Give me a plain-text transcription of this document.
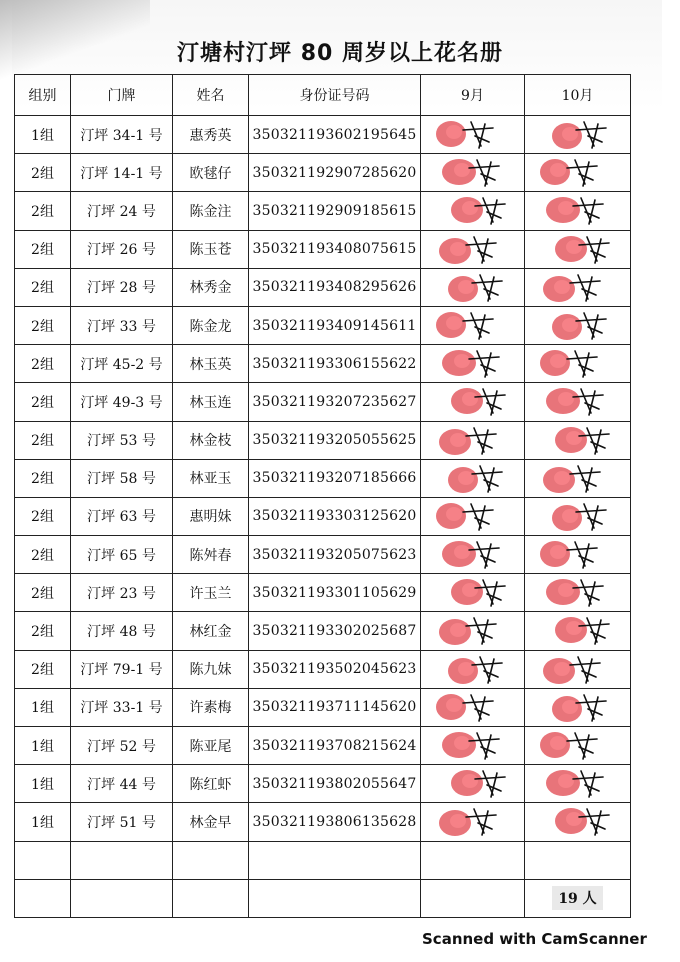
汀塘村汀坪 80 周岁以上花名册
组别	门牌	姓名	身份证号码	9月	10月
1组	汀坪 34-1 号	惠秀英	350321193602195645	

2组	汀坪 14-1 号	欧毬仔	350321192907285620	

2组	汀坪 24 号	陈金注	350321192909185615	

2组	汀坪 26 号	陈玉苍	350321193408075615	

2组	汀坪 28 号	林秀金	350321193408295626	

2组	汀坪 33 号	陈金龙	350321193409145611	

2组	汀坪 45-2 号	林玉英	350321193306155622	

2组	汀坪 49-3 号	林玉连	350321193207235627	

2组	汀坪 53 号	林金枝	350321193205055625	

2组	汀坪 58 号	林亚玉	350321193207185666	

2组	汀坪 63 号	惠明妹	350321193303125620	

2组	汀坪 65 号	陈舛春	350321193205075623	

2组	汀坪 23 号	许玉兰	350321193301105629	

2组	汀坪 48 号	林红金	350321193302025687	

2组	汀坪 79-1 号	陈九妹	350321193502045623	

1组	汀坪 33-1 号	许素梅	350321193711145620	

1组	汀坪 52 号	陈亚尾	350321193708215624	

1组	汀坪 44 号	陈红虾	350321193802055647	

1组	汀坪 51 号	林金早	350321193806135628	

					19 人
Scanned with CamScanner
